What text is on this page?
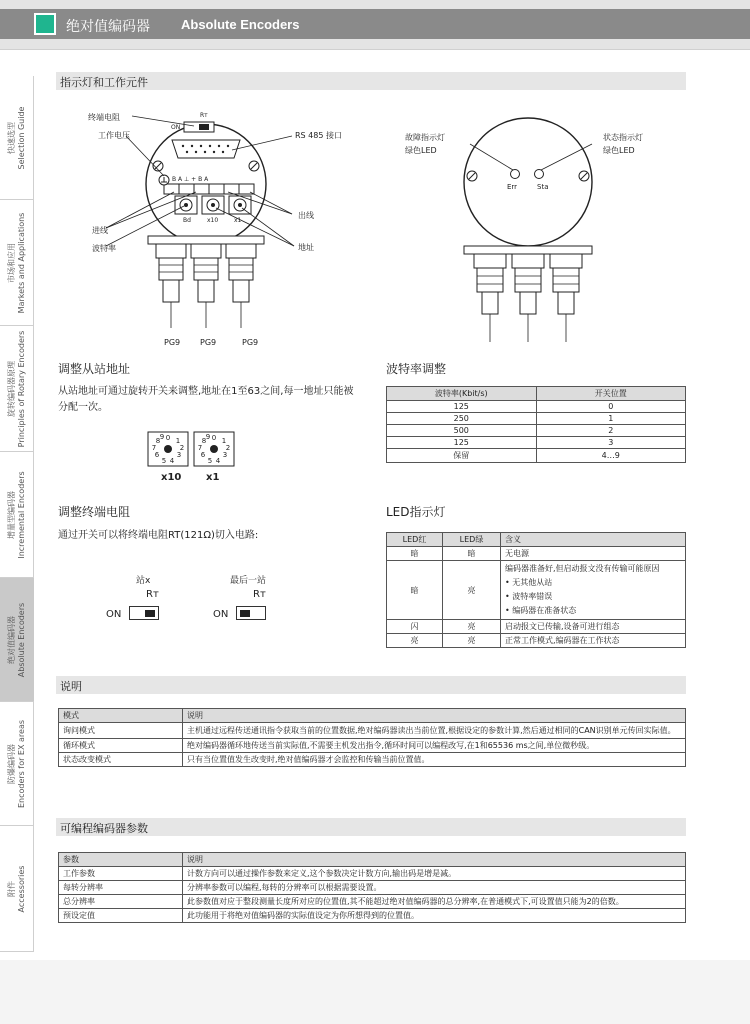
绝对值编码器 Absolute Encoders
快速选型 Selection Guide
市场和应用 Markets and Applications
旋转编码器原理 Principles of Rotary Encoders
增量型编码器 Incremental Encoders
绝对值编码器 Absolute Encoders
防爆编码器 Encoders for EX areas
附件 Accessories
指示灯和工作元件
终端电阻	Rт
ON
工作电压	RS 485 接口
B A ⊥ + B A
Bd	x10	x1
进线
出线
波特率	地址
PG9 PG9	PG9
故障指示灯
绿色LED
状态指示灯
绿色LED
Err	Sta
调整从站地址
从站地址可通过旋转开关来调整,地址在1至63之间,每一地址只能被分配一次。
0 1
2
3
4
5
6
7
8 9	0 1
2
3
4
5
6
7
8 9
x10 x1
波特率调整
波特率(Kbit/s)	开关位置
125	0
250	1
500	2
125	3
保留	4…9
调整终端电阻
通过开关可以将终端电阻RT(121Ω)切入电路:
站x	最后一站
Rт	Rт
ON	ON
LED指示灯
LED红	LED绿	含义
暗	暗	无电源
暗	亮	编码器准备好,但启动报文没有传输可能原因
• 无其他从站
• 波特率错误
• 编码器在准备状态

闪	亮	启动报文已传输,设备可进行组态
亮	亮	正常工作模式,编码器在工作状态
说明
模式	说明
询问模式	主机通过远程传送通讯指令获取当前的位置数据,绝对编码器读出当前位置,根据设定的参数计算,然后通过相同的CAN识别单元传回实际值。
循环模式	绝对编码器循环地传送当前实际值,不需要主机发出指令,循环时间可以编程改写,在1和65536 ms之间,单位微秒级。
状态改变模式	只有当位置值发生改变时,绝对值编码器才会监控和传输当前位置值。
可编程编码器参数
参数	说明
工作参数	计数方向可以通过操作参数来定义,这个参数决定计数方向,输出码是增是减。
每转分辨率	分辨率参数可以编程,每转的分辨率可以根据需要设置。
总分辨率	此参数值对应于整段测量长度所对应的位置值,其不能超过绝对值编码器的总分辨率,在普通模式下,可设置值只能为2的倍数。
预设定值	此功能用于将绝对值编码器的实际值设定为你所想得到的位置值。
